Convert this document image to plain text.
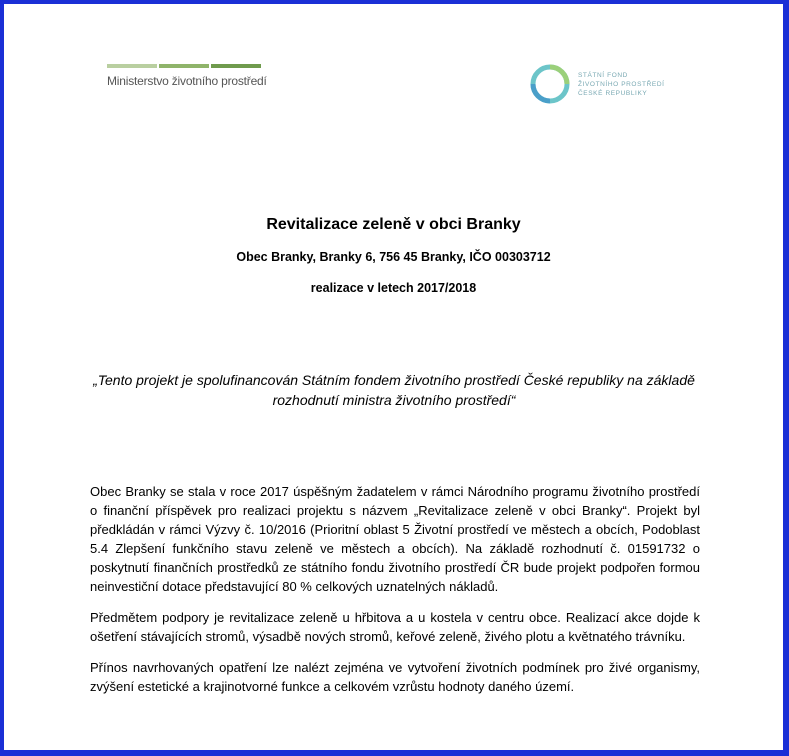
Ministerstvo životního prostředí	STÁTNÍ FOND
ŽIVOTNÍHO PROSTŘEDÍ
ČESKÉ REPUBLIKY
Revitalizace zeleně v obci Branky
Obec Branky, Branky 6, 756 45 Branky, IČO 00303712
realizace v letech 2017/2018
„Tento projekt je spolufinancován Státním fondem životního prostředí České republiky na základě rozhodnutí ministra životního prostředí“

Obec Branky se stala v roce 2017 úspěšným žadatelem v rámci Národního programu životního prostředí o finanční příspěvek pro realizaci projektu s názvem „Revitalizace zeleně v obci Branky“. Projekt byl předkládán v rámci Výzvy č. 10/2016 (Prioritní oblast 5 Životní prostředí ve městech a obcích, Podoblast 5.4 Zlepšení funkčního stavu zeleně ve městech a obcích). Na základě rozhodnutí č. 01591732 o poskytnutí finančních prostředků ze státního fondu životního prostředí ČR bude projekt podpořen formou neinvestiční dotace představující 80 % celkových uznatelných nákladů.

Předmětem podpory je revitalizace zeleně u hřbitova a u kostela v centru obce. Realizací akce dojde k ošetření stávajících stromů, výsadbě nových stromů, keřové zeleně, živého plotu a květnatého trávníku.

Přínos navrhovaných opatření lze nalézt zejména ve vytvoření životních podmínek pro živé organismy, zvýšení estetické a krajinotvorné funkce a celkovém vzrůstu hodnoty daného území.
